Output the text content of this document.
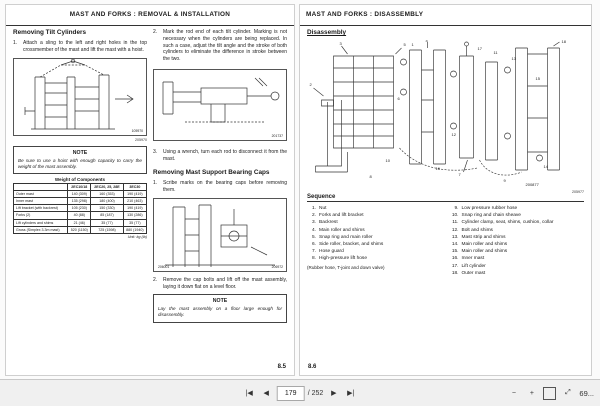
MAST AND FORKS : REMOVAL & INSTALLATION
Removing Tilt Cylinders
1.	Attach a sling to the left and right holes in the top crossmember of the mast and lift the mast with a hoist.
105970
205970
NOTE
Be sure to use a hoist with enough capacity to carry the weight of the mast assembly.
Weight of Components
	2EC10/18	2EC20, 25, 28E	3EC30
Outer mast	140 (309)	160 (353)	190 (419)
Inner mast	135 (298)	180 (400)	210 (463)
Lift bracket (with backrest)	105 (230)	150 (330)	190 (419)
Forks (2)	40 (88)	85 (187)	130 (286)
Lift cylinders and shims	21 (46)	35 (77)	35 (77)
Gross (Simplex 3.3m mast)	520 (1150)	725 (1598)	880 (1940)
Unit: kg (lb)
2.	Mark the rod end of each tilt cylinder. Marking is not necessary when the cylinders are being replaced. In such a case, adjust the tilt angle and the stroke of both cylinders to eliminate the difference in stroke between the two.
201737
3.	Using a wrench, turn each rod to disconnect it from the mast.
Removing Mast Support Bearing Caps
1.	Scribe marks on the bearing caps before removing them.
206001	206972
2.	Remove the cap bolts and lift off the mast assembly, laying it down flat on a level floor.
NOTE
Lay the mast assembly on a floor large enough for disassembly.
8.5
MAST AND FORKS : DISASSEMBLY
Disassembly
2
3	5
4
7
18
6
13
14
12
17
16
8
9
1
15
11
10
200877
205977
Sequence
1. Nut
2. Forks and lift bracket
3. Backrest
4. Main roller and shims
5. Snap ring and main roller
6. Side roller, bracket, and shims
7. Hose guard
8. High-pressure lift hose
(Rubber hose, T-joint and down valve)
9. Low pressure rubber hose
10. Snap ring and chain sheave
11. Cylinder clamp, seat, shims, cushion, collar
12. Bolt and shims
13. Mast strip and shims
14. Main roller and shims
15. Main roller and shims
16. Inner mast
17. Lift cylinder
18. Outer mast
8.6
|◀	◀	179	/ 252	▶	▶|	−	+	⤢	69...
